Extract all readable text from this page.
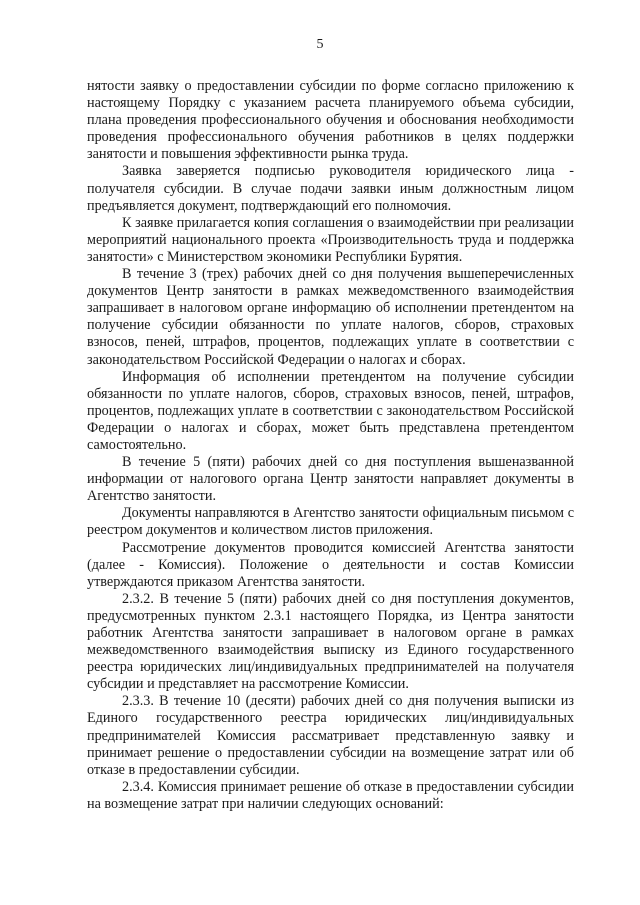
5

нятости заявку о предоставлении субсидии по форме согласно приложению к настоящему Порядку с указанием расчета планируемого объема субсидии, плана проведения профессионального обучения и обоснования необходимости проведения профессионального обучения работников в целях поддержки занятости и повышения эффективности рынка труда.

Заявка заверяется подписью руководителя юридического лица - получателя субсидии. В случае подачи заявки иным должностным лицом предъявляется документ, подтверждающий его полномочия.

К заявке прилагается копия соглашения о взаимодействии при реализации мероприятий национального проекта «Производительность труда и поддержка занятости» с Министерством экономики Республики Бурятия.

В течение 3 (трех) рабочих дней со дня получения вышеперечисленных документов Центр занятости в рамках межведомственного взаимодействия запрашивает в налоговом органе информацию об исполнении претендентом на получение субсидии обязанности по уплате налогов, сборов, страховых взносов, пеней, штрафов, процентов, подлежащих уплате в соответствии с законодательством Российской Федерации о налогах и сборах.

Информация об исполнении претендентом на получение субсидии обязанности по уплате налогов, сборов, страховых взносов, пеней, штрафов, процентов, подлежащих уплате в соответствии с законодательством Российской Федерации о налогах и сборах, может быть представлена претендентом самостоятельно.

В течение 5 (пяти) рабочих дней со дня поступления вышеназванной информации от налогового органа Центр занятости направляет документы в Агентство занятости.

Документы направляются в Агентство занятости официальным письмом с реестром документов и количеством листов приложения.

Рассмотрение документов проводится комиссией Агентства занятости (далее - Комиссия). Положение о деятельности и состав Комиссии утверждаются приказом Агентства занятости.

2.3.2. В течение 5 (пяти) рабочих дней со дня поступления документов, предусмотренных пунктом 2.3.1 настоящего Порядка, из Центра занятости работник Агентства занятости запрашивает в налоговом органе в рамках межведомственного взаимодействия выписку из Единого государственного реестра юридических лиц/индивидуальных предпринимателей на получателя субсидии и представляет на рассмотрение Комиссии.

2.3.3. В течение 10 (десяти) рабочих дней со дня получения выписки из Единого государственного реестра юридических лиц/индивидуальных предпринимателей Комиссия рассматривает представленную заявку и принимает решение о предоставлении субсидии на возмещение затрат или об отказе в предоставлении субсидии.

2.3.4. Комиссия принимает решение об отказе в предоставлении субсидии на возмещение затрат при наличии следующих оснований:
